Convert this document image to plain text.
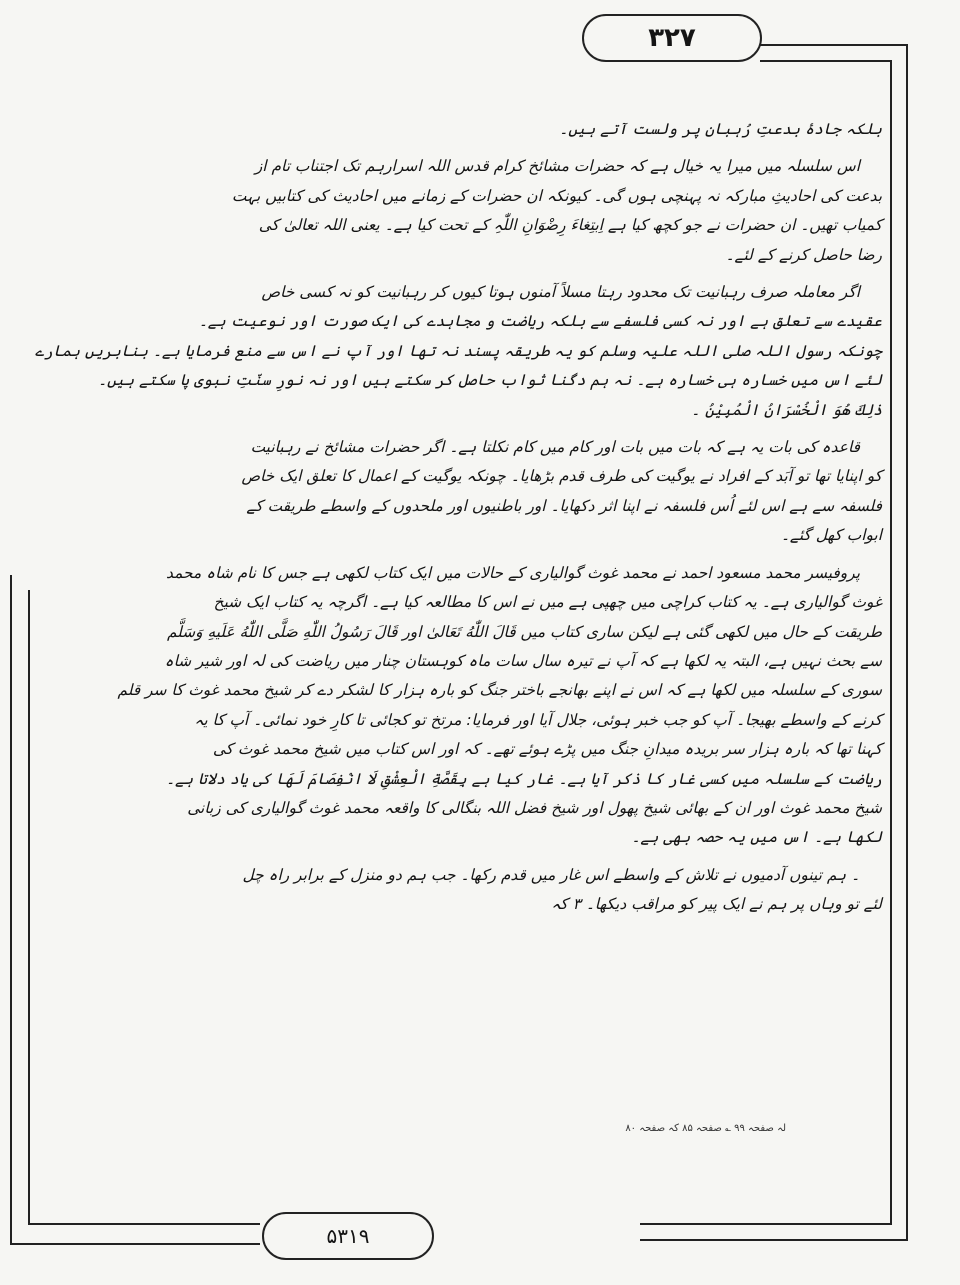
۳۲۷

بلکہ جادۂ بدعتِ رُہبان پر ولست آتے ہیں۔

اس سلسلہ میں میرا یہ خیال ہے کہ حضرات مشائخ کرام قدس اللہ اسرارہم تک اجتناب تام از
بدعت کی احادیثِ مبارکہ نہ پہنچی ہوں گی۔ کیونکہ ان حضرات کے زمانے میں احادیث کی کتابیں بہت
کمیاب تھیں۔ ان حضرات نے جو کچھ کیا ہے اِبتِغاءَ رِضْوَانِ اللّٰہِ کے تحت کیا ہے۔ یعنی اللہ تعالیٰ کی
رضا حاصل کرنے کے لئے۔

اگر معاملہ صرف رہبانیت تک محدود رہتا مسلاً آمنوں ہوتا کیوں کر رہبانیت کو نہ کسی خاص
عقیدے سے تعلق ہے اور نہ کسی فلسفے سے بلکہ ریاضت و مجاہدے کی ایک صورت اور نوعیت ہے۔
چونکہ رسول اللہ صلی اللہ علیہ وسلم کو یہ طریقہ پسند نہ تھا اور آپ نے اس سے منع فرمایا ہے۔ بنابریں ہمارے
لئے اس میں خسارہ ہی خسارہ ہے۔ نہ ہم دگنا ثواب حاصل کر سکتے ہیں اور نہ نورِ سنّتِ نبوی پا سکتے ہیں۔
ذٰلِكَ هُوَ الْخُسْرَانُ الْمُبِیْنُ ۔

قاعدہ کی بات یہ ہے کہ بات میں بات اور کام میں کام نکلتا ہے۔ اگر حضرات مشائخ نے رہبانیت
کو اپنایا تھا تو آبَد کے افراد نے یوگیت کی طرف قدم بڑھایا۔ چونکہ یوگیت کے اعمال کا تعلق ایک خاص
فلسفہ سے ہے اس لئے اُس فلسفہ نے اپنا اثر دکھایا۔ اور باطنیوں اور ملحدوں کے واسطے طریقت کے
ابواب کھل گئے۔

پروفیسر محمد مسعود احمد نے محمد غوث گوالیاری کے حالات میں ایک کتاب لکھی ہے جس کا نام شاہ محمد
غوث گوالیاری ہے۔ یہ کتاب کراچی میں چھپی ہے میں نے اس کا مطالعہ کیا ہے۔ اگرچہ یہ کتاب ایک شیخ
طریقت کے حال میں لکھی گئی ہے لیکن ساری کتاب میں قَالَ اللّٰهُ تَعَالیٰ اور قَالَ رَسُولُ اللّٰهِ صَلَّی اللّٰهُ عَلَیهِ وَسَلَّم
سے بحث نہیں ہے، البتہ یہ لکھا ہے کہ آپ نے تیرہ سال سات ماہ کوہستان چنار میں ریاضت کی لہ اور شیر شاہ
سوری کے سلسلہ میں لکھا ہے کہ اس نے اپنے بھانجے باختر جنگ کو بارہ ہزار کا لشکر دے کر شیخ محمد غوث کا سر قلم
کرنے کے واسطے بھیجا۔ آپ کو جب خبر ہوئی، جلال آیا اور فرمایا: مرتخ تو کجائی تا کارِ خود نمائی۔ آپ کا یہ
کہنا تھا کہ بارہ ہزار سر بریدہ میدانِ جنگ میں پڑے ہوئے تھے۔ کہ اور اس کتاب میں شیخ محمد غوث کی
ریاضت کے سلسلہ میں کسی غار کا ذکر آیا ہے۔ غار کیا ہے بِقَصَّةِ الْعِشْقِ لَا انْفِصَامَ لَهَا کی یاد دلاتا ہے۔
شیخ محمد غوث اور ان کے بھائی شیخ پھول اور شیخ فضل اللہ بنگالی کا واقعہ محمد غوث گوالیاری کی زبانی
لکھا ہے۔ اس میں یہ حصہ بھی ہے۔

۔ ہم تینوں آدمیوں نے تلاش کے واسطے اس غار میں قدم رکھا۔ جب ہم دو منزل کے برابر راہ چل
لئے تو وہاں پر ہم نے ایک پیر کو مراقب دیکھا۔ ۳ کہ

لہ صفحہ ۹۹ ؎ صفحہ ۸۵ کہ صفحہ ۸۰
۵۳۱۹
